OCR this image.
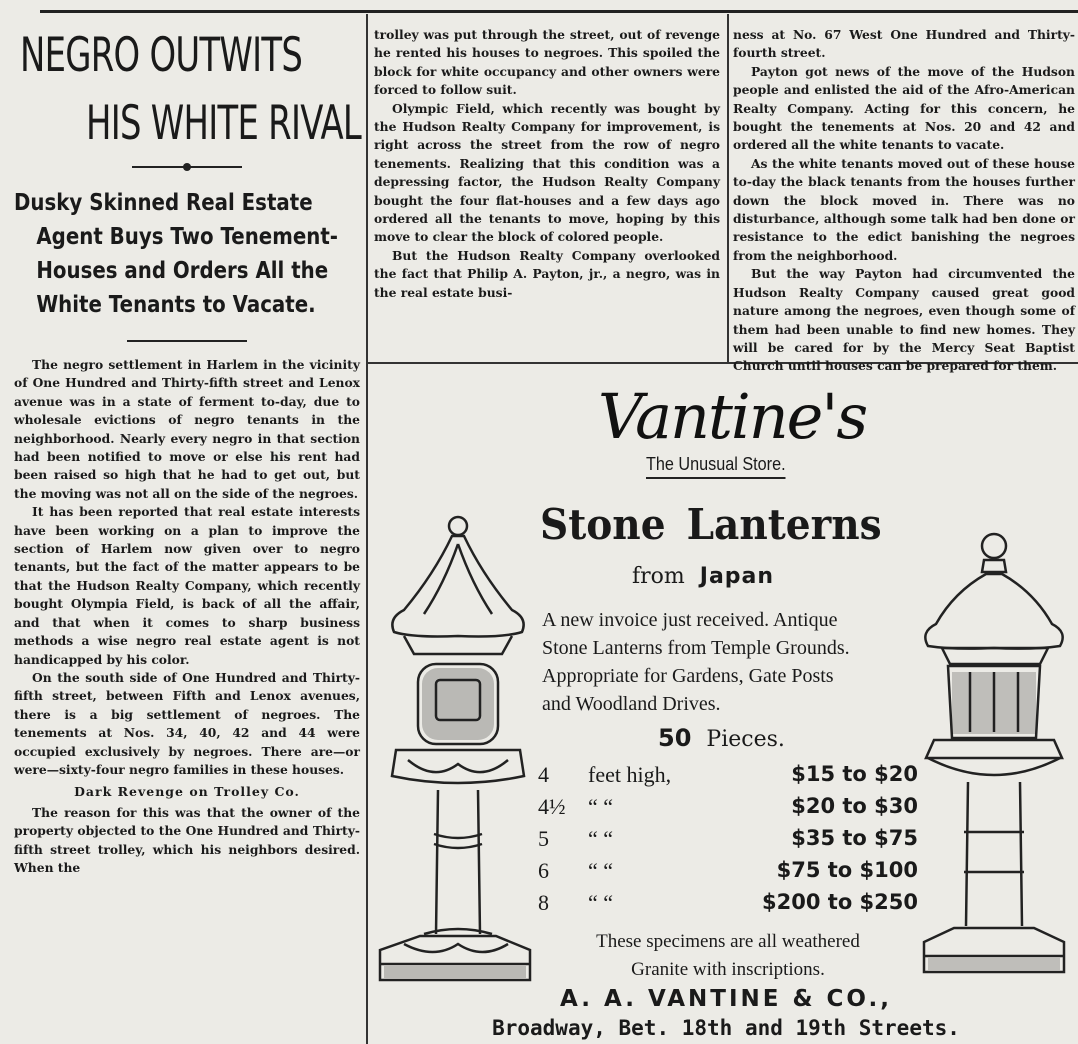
NEGRO OUTWITS
HIS WHITE RIVAL
Dusky Skinned Real Estate
Agent Buys Two Tenement-
Houses and Orders All the
White Tenants to Vacate.

The negro settlement in Harlem in the vicinity of One Hundred and Thirty-fifth street and Lenox avenue was in a state of ferment to-day, due to wholesale evictions of negro tenants in the neighborhood. Nearly every negro in that section had been notified to move or else his rent had been raised so high that he had to get out, but the moving was not all on the side of the negroes.

It has been reported that real estate interests have been working on a plan to improve the section of Harlem now given over to negro tenants, but the fact of the matter appears to be that the Hudson Realty Company, which recently bought Olympia Field, is back of all the affair, and that when it comes to sharp business methods a wise negro real estate agent is not handicapped by his color.

On the south side of One Hundred and Thirty-fifth street, between Fifth and Lenox avenues, there is a big settlement of negroes. The tenements at Nos. 34, 40, 42 and 44 were occupied exclusively by negroes. There are—or were—sixty-four negro families in these houses.

Dark Revenge on Trolley Co.

The reason for this was that the owner of the property objected to the One Hundred and Thirty-fifth street trolley, which his neighbors desired. When the

trolley was put through the street, out of revenge he rented his houses to negroes. This spoiled the block for white occupancy and other owners were forced to follow suit.

Olympic Field, which recently was bought by the Hudson Realty Company for improvement, is right across the street from the row of negro tenements. Realizing that this condition was a depressing factor, the Hudson Realty Company bought the four flat-houses and a few days ago ordered all the tenants to move, hoping by this move to clear the block of colored people.

But the Hudson Realty Company overlooked the fact that Philip A. Payton, jr., a negro, was in the real estate busi-

ness at No. 67 West One Hundred and Thirty-fourth street.

Payton got news of the move of the Hudson people and enlisted the aid of the Afro-American Realty Company. Acting for this concern, he bought the tenements at Nos. 20 and 42 and ordered all the white tenants to vacate.

As the white tenants moved out of these house to-day the black tenants from the houses further down the block moved in. There was no disturbance, although some talk had ben done or resistance to the edict banishing the negroes from the neighborhood.

But the way Payton had circumvented the Hudson Realty Company caused great good nature among the negroes, even though some of them had been unable to find new homes. They will be cared for by the Mercy Seat Baptist Church until houses can be prepared for them.

Vantine's
The Unusual Store.
Stone Lanterns
from Japan
A new invoice just received. Antique
Stone Lanterns from Temple Grounds.
Appropriate for Gardens, Gate Posts
and Woodland Drives.
50 Pieces.
4 feet high,	$15 to $20
4½ “ “	$20 to $30
5 “ “	$35 to $75
6 “ “	$75 to $100
8 “ “	$200 to $250
These specimens are all weathered
Granite with inscriptions.
A. A. VANTINE & CO.,
Broadway, Bet. 18th and 19th Streets.
